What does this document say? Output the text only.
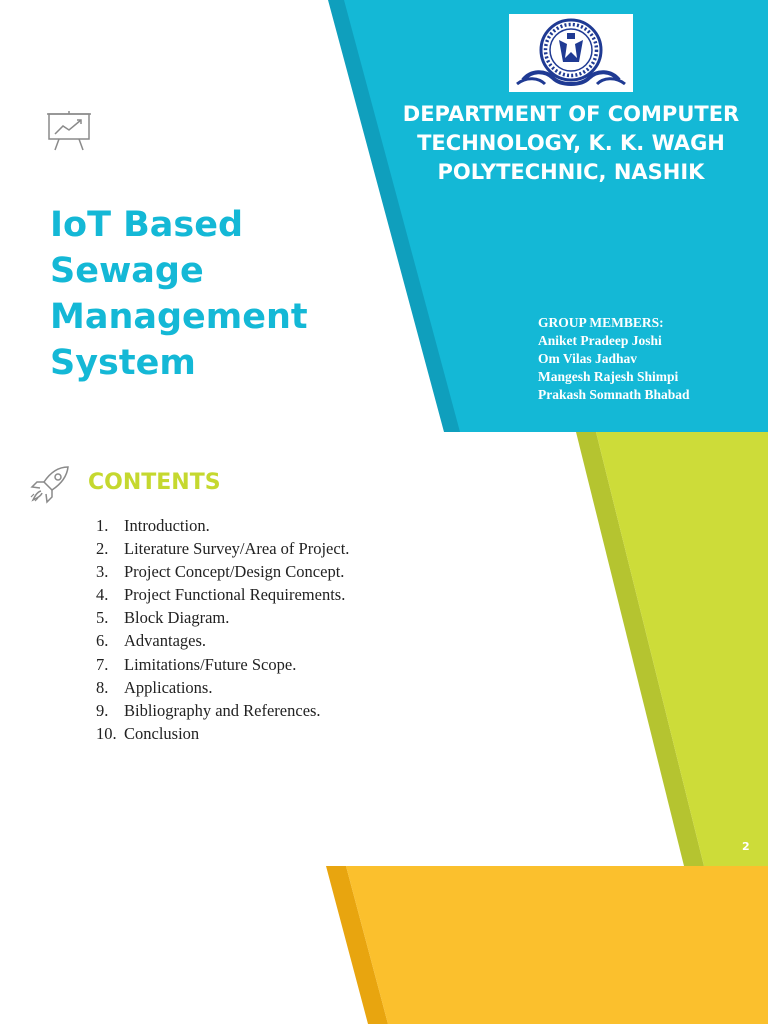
IoT Based Sewage Management System
DEPARTMENT OF COMPUTER TECHNOLOGY, K. K. WAGH POLYTECHNIC, NASHIK
GROUP MEMBERS:
Aniket Pradeep Joshi
Om Vilas Jadhav
Mangesh Rajesh Shimpi
Prakash Somnath Bhabad
CONTENTS
1. Introduction.
2. Literature Survey/Area of Project.
3. Project Concept/Design Concept.
4. Project Functional Requirements.
5. Block Diagram.
6. Advantages.
7. Limitations/Future Scope.
8. Applications.
9. Bibliography and References.
10. Conclusion
2
